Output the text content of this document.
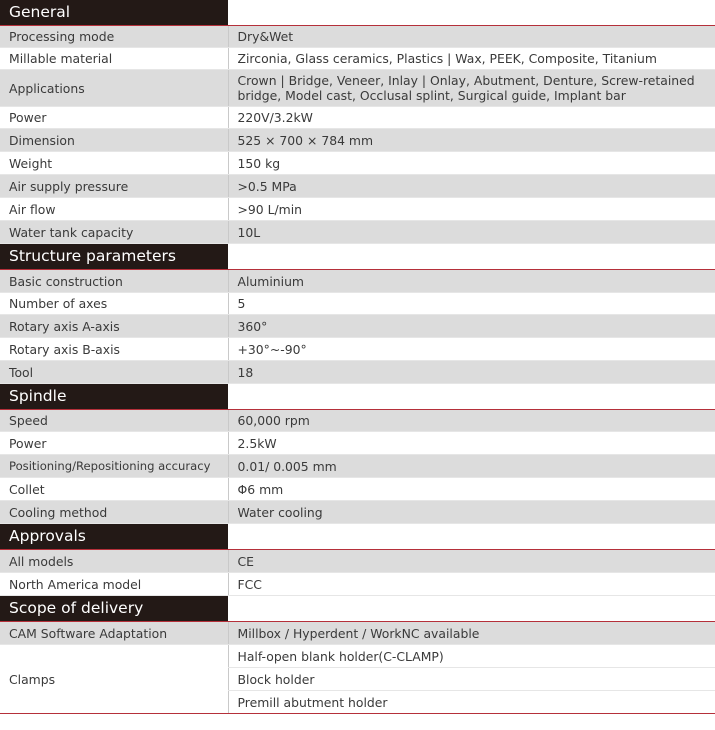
General	
Processing mode	Dry&Wet
Millable material	Zirconia, Glass ceramics, Plastics | Wax, PEEK, Composite, Titanium
Applications	Crown | Bridge, Veneer, Inlay | Onlay, Abutment, Denture, Screw-retained bridge, Model cast, Occlusal splint, Surgical guide, Implant bar
Power	220V/3.2kW
Dimension	525 × 700 × 784 mm
Weight	150 kg
Air supply pressure	>0.5 MPa
Air flow	>90 L/min
Water tank capacity	10L
Structure parameters	
Basic construction	Aluminium
Number of axes	5
Rotary axis A-axis	360°
Rotary axis B-axis	+30°~-90°
Tool	18
Spindle	
Speed	60,000 rpm
Power	2.5kW
Positioning/Repositioning accuracy	0.01/ 0.005 mm
Collet	Φ6 mm
Cooling method	Water cooling
Approvals	
All models	CE
North America model	FCC
Scope of delivery	
CAM Software Adaptation	Millbox / Hyperdent / WorkNC available
Clamps	Half-open blank holder(C-CLAMP)
	Block holder
	Premill abutment holder
